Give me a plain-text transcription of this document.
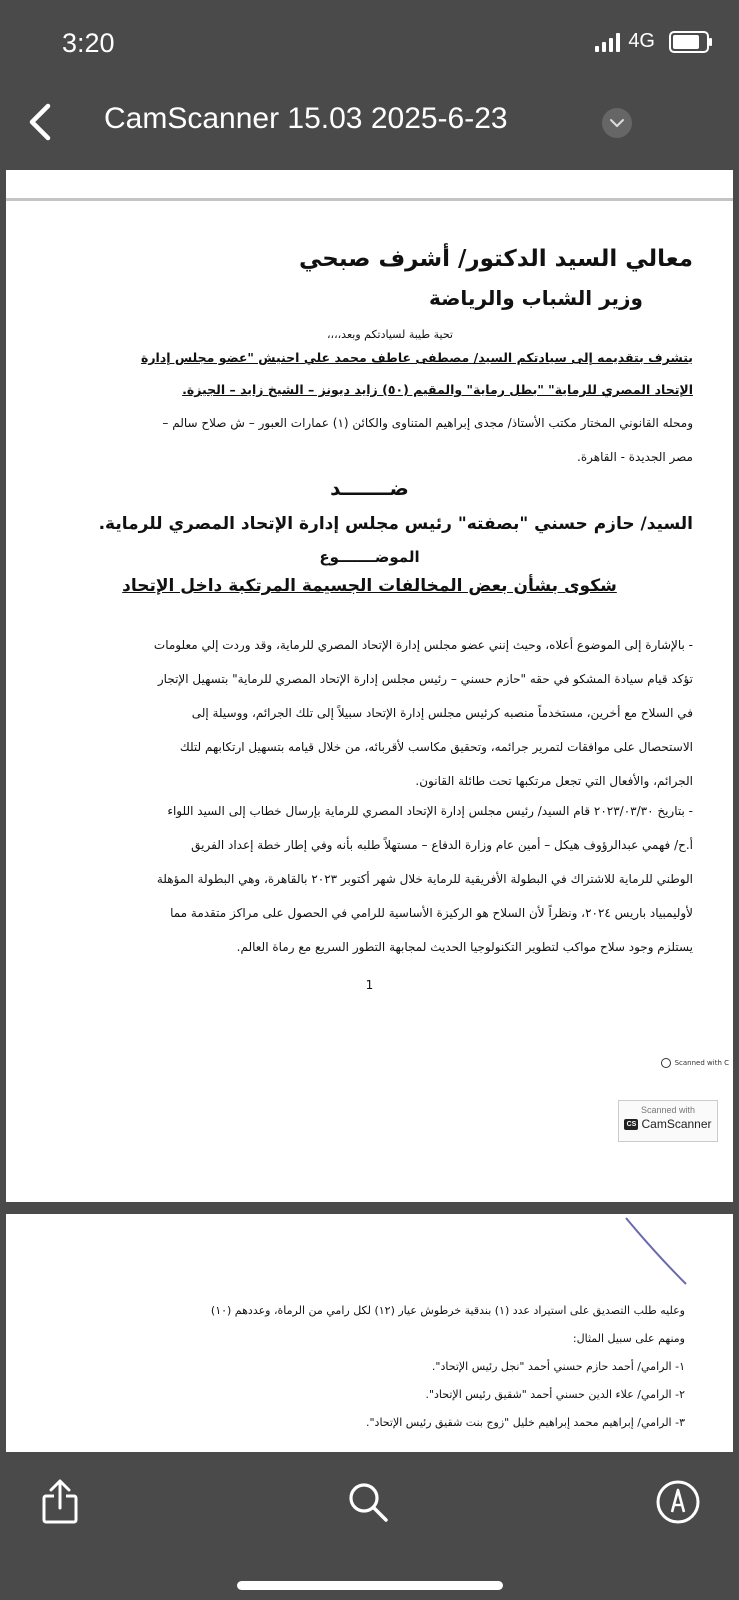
3:20	4G
CamScanner 15.03 2025-6-23
معالي السيد الدكتور/ أشرف صبحي
وزير الشباب والرياضة
تحية طيبة لسيادتكم وبعد،،،،
يتشرف بتقديمه إلى سيادتكم السيد/ مصطفى عاطف محمد علي احنيش "عضو مجلس إدارة
الإتحاد المصري للرماية" "بطل رماية" والمقيم (٥٠) زايد ديونز – الشيخ زايد – الجيزة.
ومحله القانوني المختار مكتب الأستاذ/ مجدى إبراهيم المتناوى والكائن (١) عمارات العبور – ش صلاح سالم –
مصر الجديدة - القاهرة.
ضـــــــد
السيد/ حازم حسني "بصفته" رئيس مجلس إدارة الإتحاد المصري للرماية.
الموضـــــــوع
شكوى بشأن بعض المخالفات الجسيمة المرتكبة داخل الإتحاد
- بالإشارة إلى الموضوع أعلاه، وحيث إنني عضو مجلس إدارة الإتحاد المصري للرماية، وقد وردت إلي معلومات
تؤكد قيام سيادة المشكو في حقه "حازم حسني – رئيس مجلس إدارة الإتحاد المصري للرماية" بتسهيل الإتجار
في السلاح مع أخرين، مستخدماً منصبه كرئيس مجلس إدارة الإتحاد سبيلاً إلى تلك الجرائم، ووسيلة إلى
الاستحصال على موافقات لتمرير جرائمه، وتحقيق مكاسب لأقربائه، من خلال قيامه بتسهيل ارتكابهم لتلك
الجرائم، والأفعال التي تجعل مرتكبها تحت طائلة القانون.
- بتاريخ ٢٠٢٣/٠٣/٣٠ قام السيد/ رئيس مجلس إدارة الإتحاد المصري للرماية بإرسال خطاب إلى السيد اللواء
أ.ح/ فهمي عبدالرؤوف هيكل – أمين عام وزارة الدفاع – مستهلاً طلبه بأنه وفي إطار خطة إعداد الفريق
الوطني للرماية للاشتراك في البطولة الأفريقية للرماية خلال شهر أكتوبر ٢٠٢٣ بالقاهرة، وهي البطولة المؤهلة
لأوليمبياد باريس ٢٠٢٤، ونظراً لأن السلاح هو الركيزة الأساسية للرامي في الحصول على مراكز متقدمة مما
يستلزم وجود سلاح مواكب لتطوير التكنولوجيا الحديث لمجابهة التطور السريع مع رماة العالم.
1
Scanned with C
Scanned with
CS CamScanner
وعليه طلب التصديق على استيراد عدد (١) بندقية خرطوش عيار (١٢) لكل رامي من الرماة، وعددهم (١٠)
ومنهم على سبيل المثال:
١- الرامي/ أحمد حازم حسني أحمد "نجل رئيس الإتحاد".
٢- الرامي/ علاء الدين حسني أحمد "شقيق رئيس الإتحاد".
٣- الرامي/ إبراهيم محمد إبراهيم خليل "زوج بنت شقيق رئيس الإتحاد".
